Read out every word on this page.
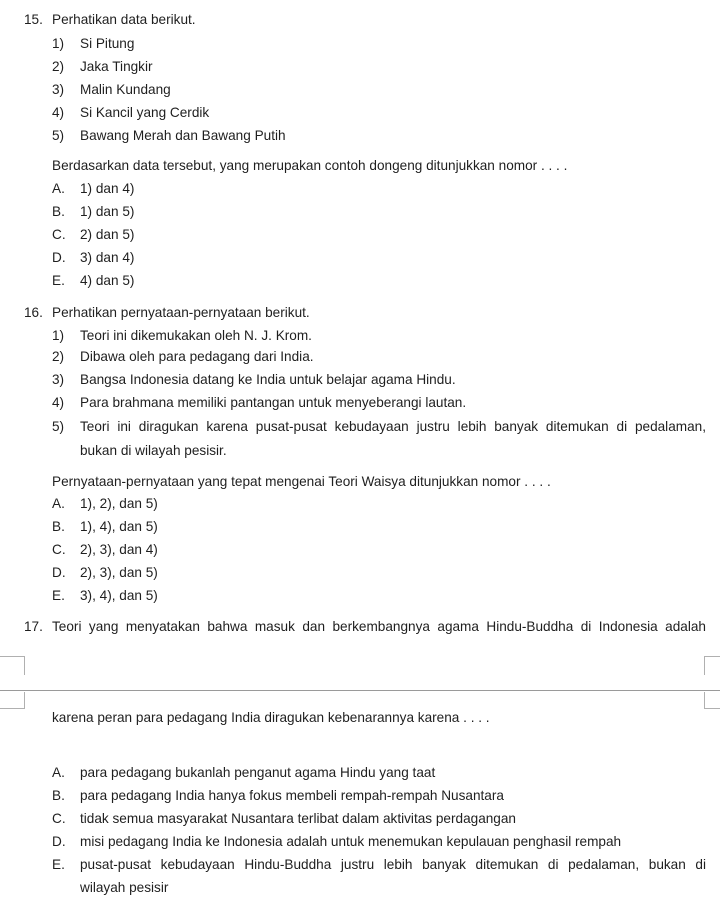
15. Perhatikan data berikut.
1) Si Pitung
2) Jaka Tingkir
3) Malin Kundang
4) Si Kancil yang Cerdik
5) Bawang Merah dan Bawang Putih
Berdasarkan data tersebut, yang merupakan contoh dongeng ditunjukkan nomor . . . .
A. 1) dan 4)
B. 1) dan 5)
C. 2) dan 5)
D. 3) dan 4)
E. 4) dan 5)
16. Perhatikan pernyataan-pernyataan berikut.
1) Teori ini dikemukakan oleh N. J. Krom.
2) Dibawa oleh para pedagang dari India.
3) Bangsa Indonesia datang ke India untuk belajar agama Hindu.
4) Para brahmana memiliki pantangan untuk menyeberangi lautan.
5) Teori ini diragukan karena pusat-pusat kebudayaan justru lebih banyak ditemukan di pedalaman,
bukan di wilayah pesisir.
Pernyataan-pernyataan yang tepat mengenai Teori Waisya ditunjukkan nomor . . . .
A. 1), 2), dan 5)
B. 1), 4), dan 5)
C. 2), 3), dan 4)
D. 2), 3), dan 5)
E. 3), 4), dan 5)
17. Teori yang menyatakan bahwa masuk dan berkembangnya agama Hindu-Buddha di Indonesia adalah
karena peran para pedagang India diragukan kebenarannya karena . . . .
A. para pedagang bukanlah penganut agama Hindu yang taat
B. para pedagang India hanya fokus membeli rempah-rempah Nusantara
C. tidak semua masyarakat Nusantara terlibat dalam aktivitas perdagangan
D. misi pedagang India ke Indonesia adalah untuk menemukan kepulauan penghasil rempah
E. pusat-pusat kebudayaan Hindu-Buddha justru lebih banyak ditemukan di pedalaman, bukan di
wilayah pesisir
